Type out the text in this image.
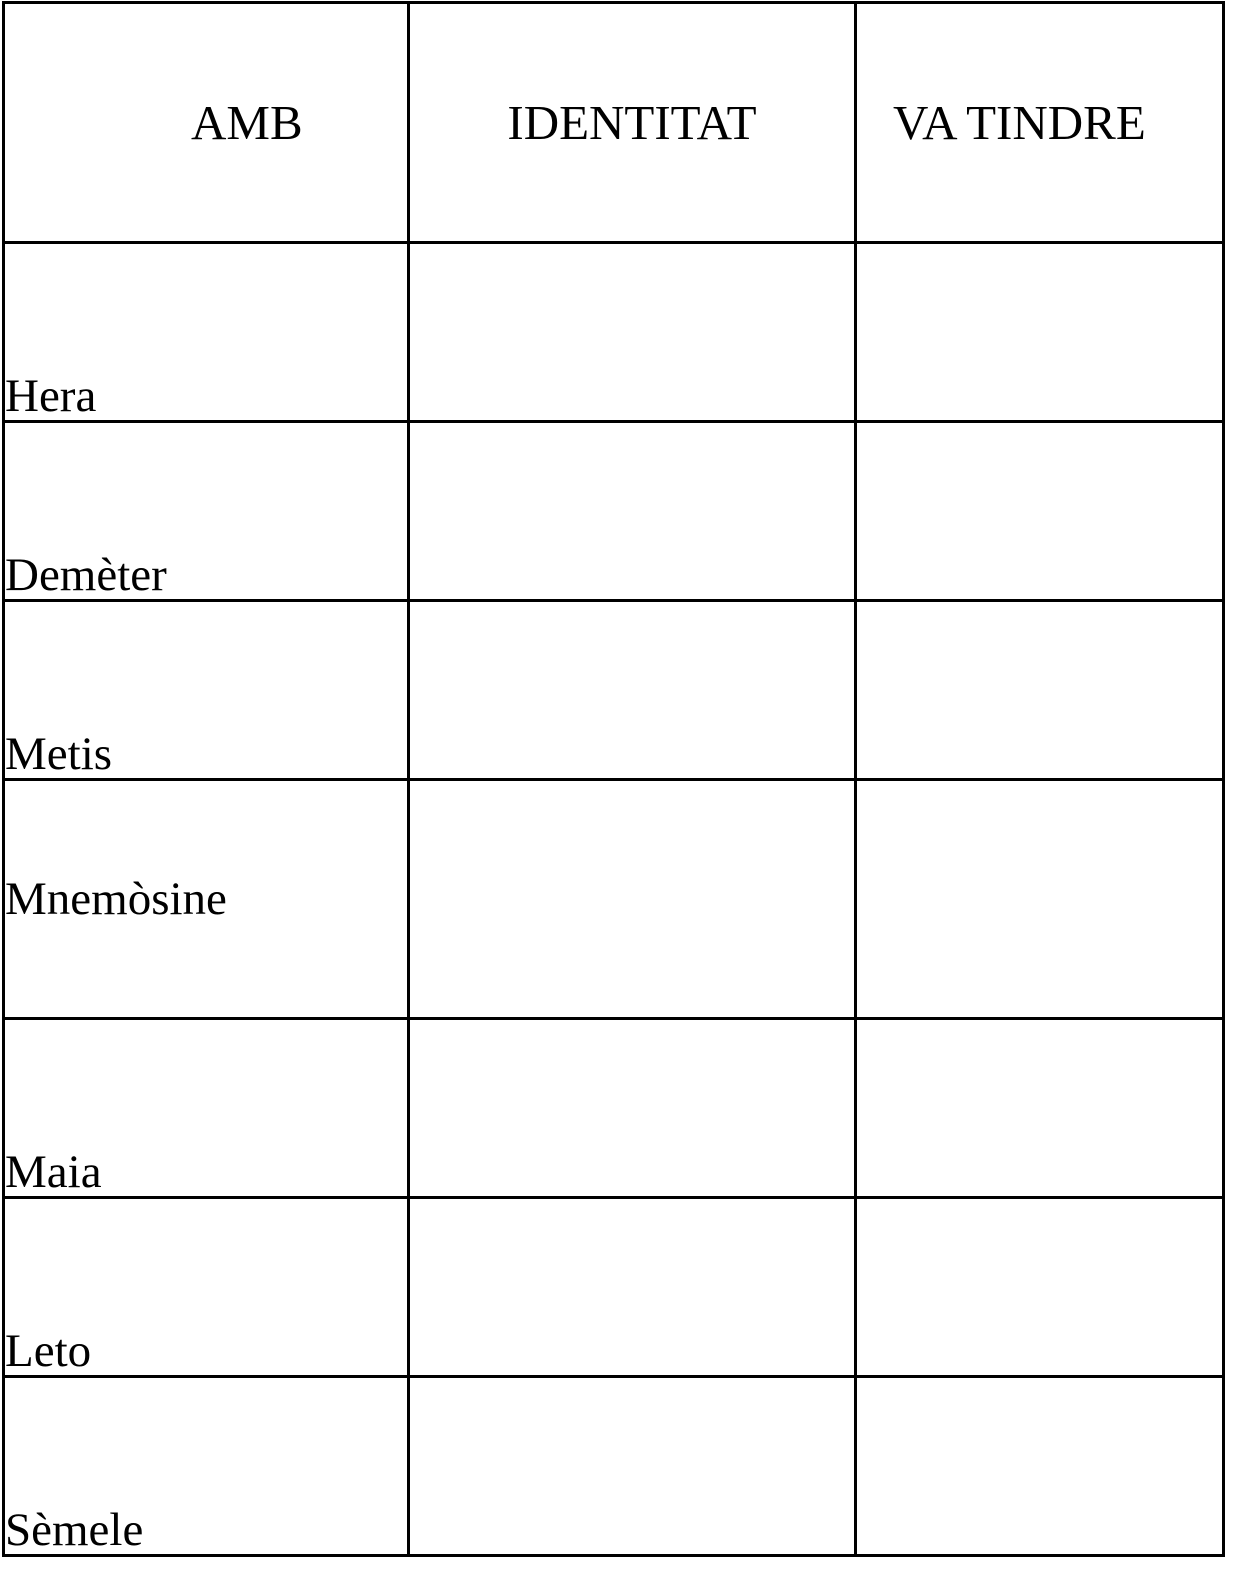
AMB	IDENTITAT	VA TINDRE
Hera		
Demèter		
Metis		
Mnemòsine		
Maia		
Leto		
Sèmele		
